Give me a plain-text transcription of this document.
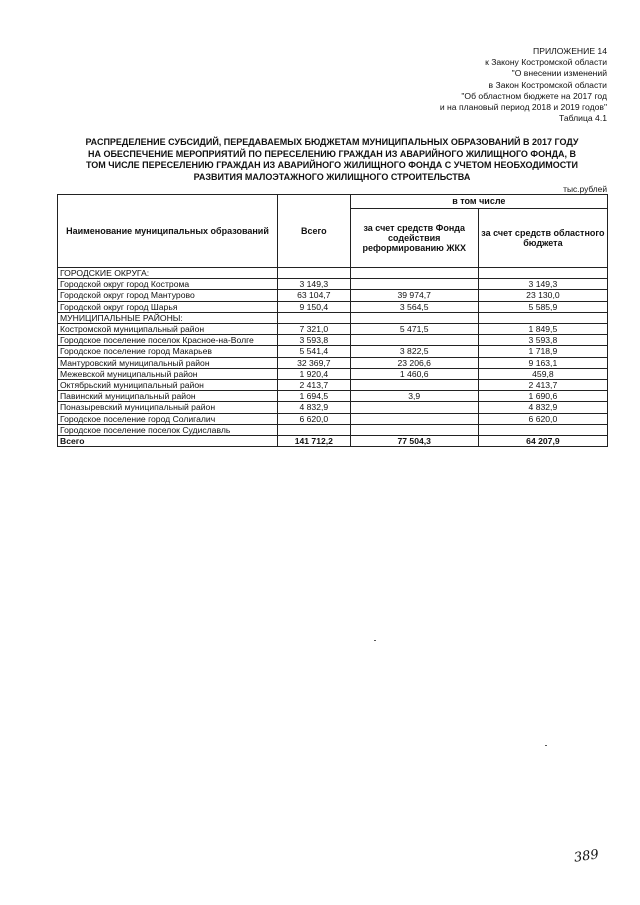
ПРИЛОЖЕНИЕ 14
к Закону Костромской области
"О внесении изменений
в Закон Костромской области
"Об областном бюджете на 2017 год
и на плановый период 2018 и 2019 годов"
Таблица 4.1
РАСПРЕДЕЛЕНИЕ СУБСИДИЙ, ПЕРЕДАВАЕМЫХ БЮДЖЕТАМ МУНИЦИПАЛЬНЫХ ОБРАЗОВАНИЙ В 2017 ГОДУ
НА ОБЕСПЕЧЕНИЕ МЕРОПРИЯТИЙ ПО ПЕРЕСЕЛЕНИЮ ГРАЖДАН ИЗ АВАРИЙНОГО ЖИЛИЩНОГО ФОНДА, В
ТОМ ЧИСЛЕ ПЕРЕСЕЛЕНИЮ ГРАЖДАН ИЗ АВАРИЙНОГО ЖИЛИЩНОГО ФОНДА С УЧЕТОМ НЕОБХОДИМОСТИ
РАЗВИТИЯ МАЛОЭТАЖНОГО ЖИЛИЩНОГО СТРОИТЕЛЬСТВА
тыс.рублей
Наименование муниципальных образований	Всего	в том числе	
		за счет средств Фонда содействия реформированию ЖКХ	за счет средств областного бюджета
ГОРОДСКИЕ ОКРУГА:			
Городской округ город Кострома	3 149,3		3 149,3
Городской округ город Мантурово	63 104,7	39 974,7	23 130,0
Городской округ город Шарья	9 150,4	3 564,5	5 585,9
МУНИЦИПАЛЬНЫЕ РАЙОНЫ:			
Костромской муниципальный район	7 321,0	5 471,5	1 849,5
Городское поселение поселок Красное-на-Волге	3 593,8		3 593,8
Городское поселение город Макарьев	5 541,4	3 822,5	1 718,9
Мантуровский муниципальный район	32 369,7	23 206,6	9 163,1
Межевской муниципальный район	1 920,4	1 460,6	459,8
Октябрьский муниципальный район	2 413,7		2 413,7
Павинский муниципальный район	1 694,5	3,9	1 690,6
Поназыревский муниципальный район	4 832,9		4 832,9
Городское поселение город Солигалич	6 620,0		6 620,0
Городское поселение поселок Судиславль			
Всего	141 712,2	77 504,3	64 207,9
389
